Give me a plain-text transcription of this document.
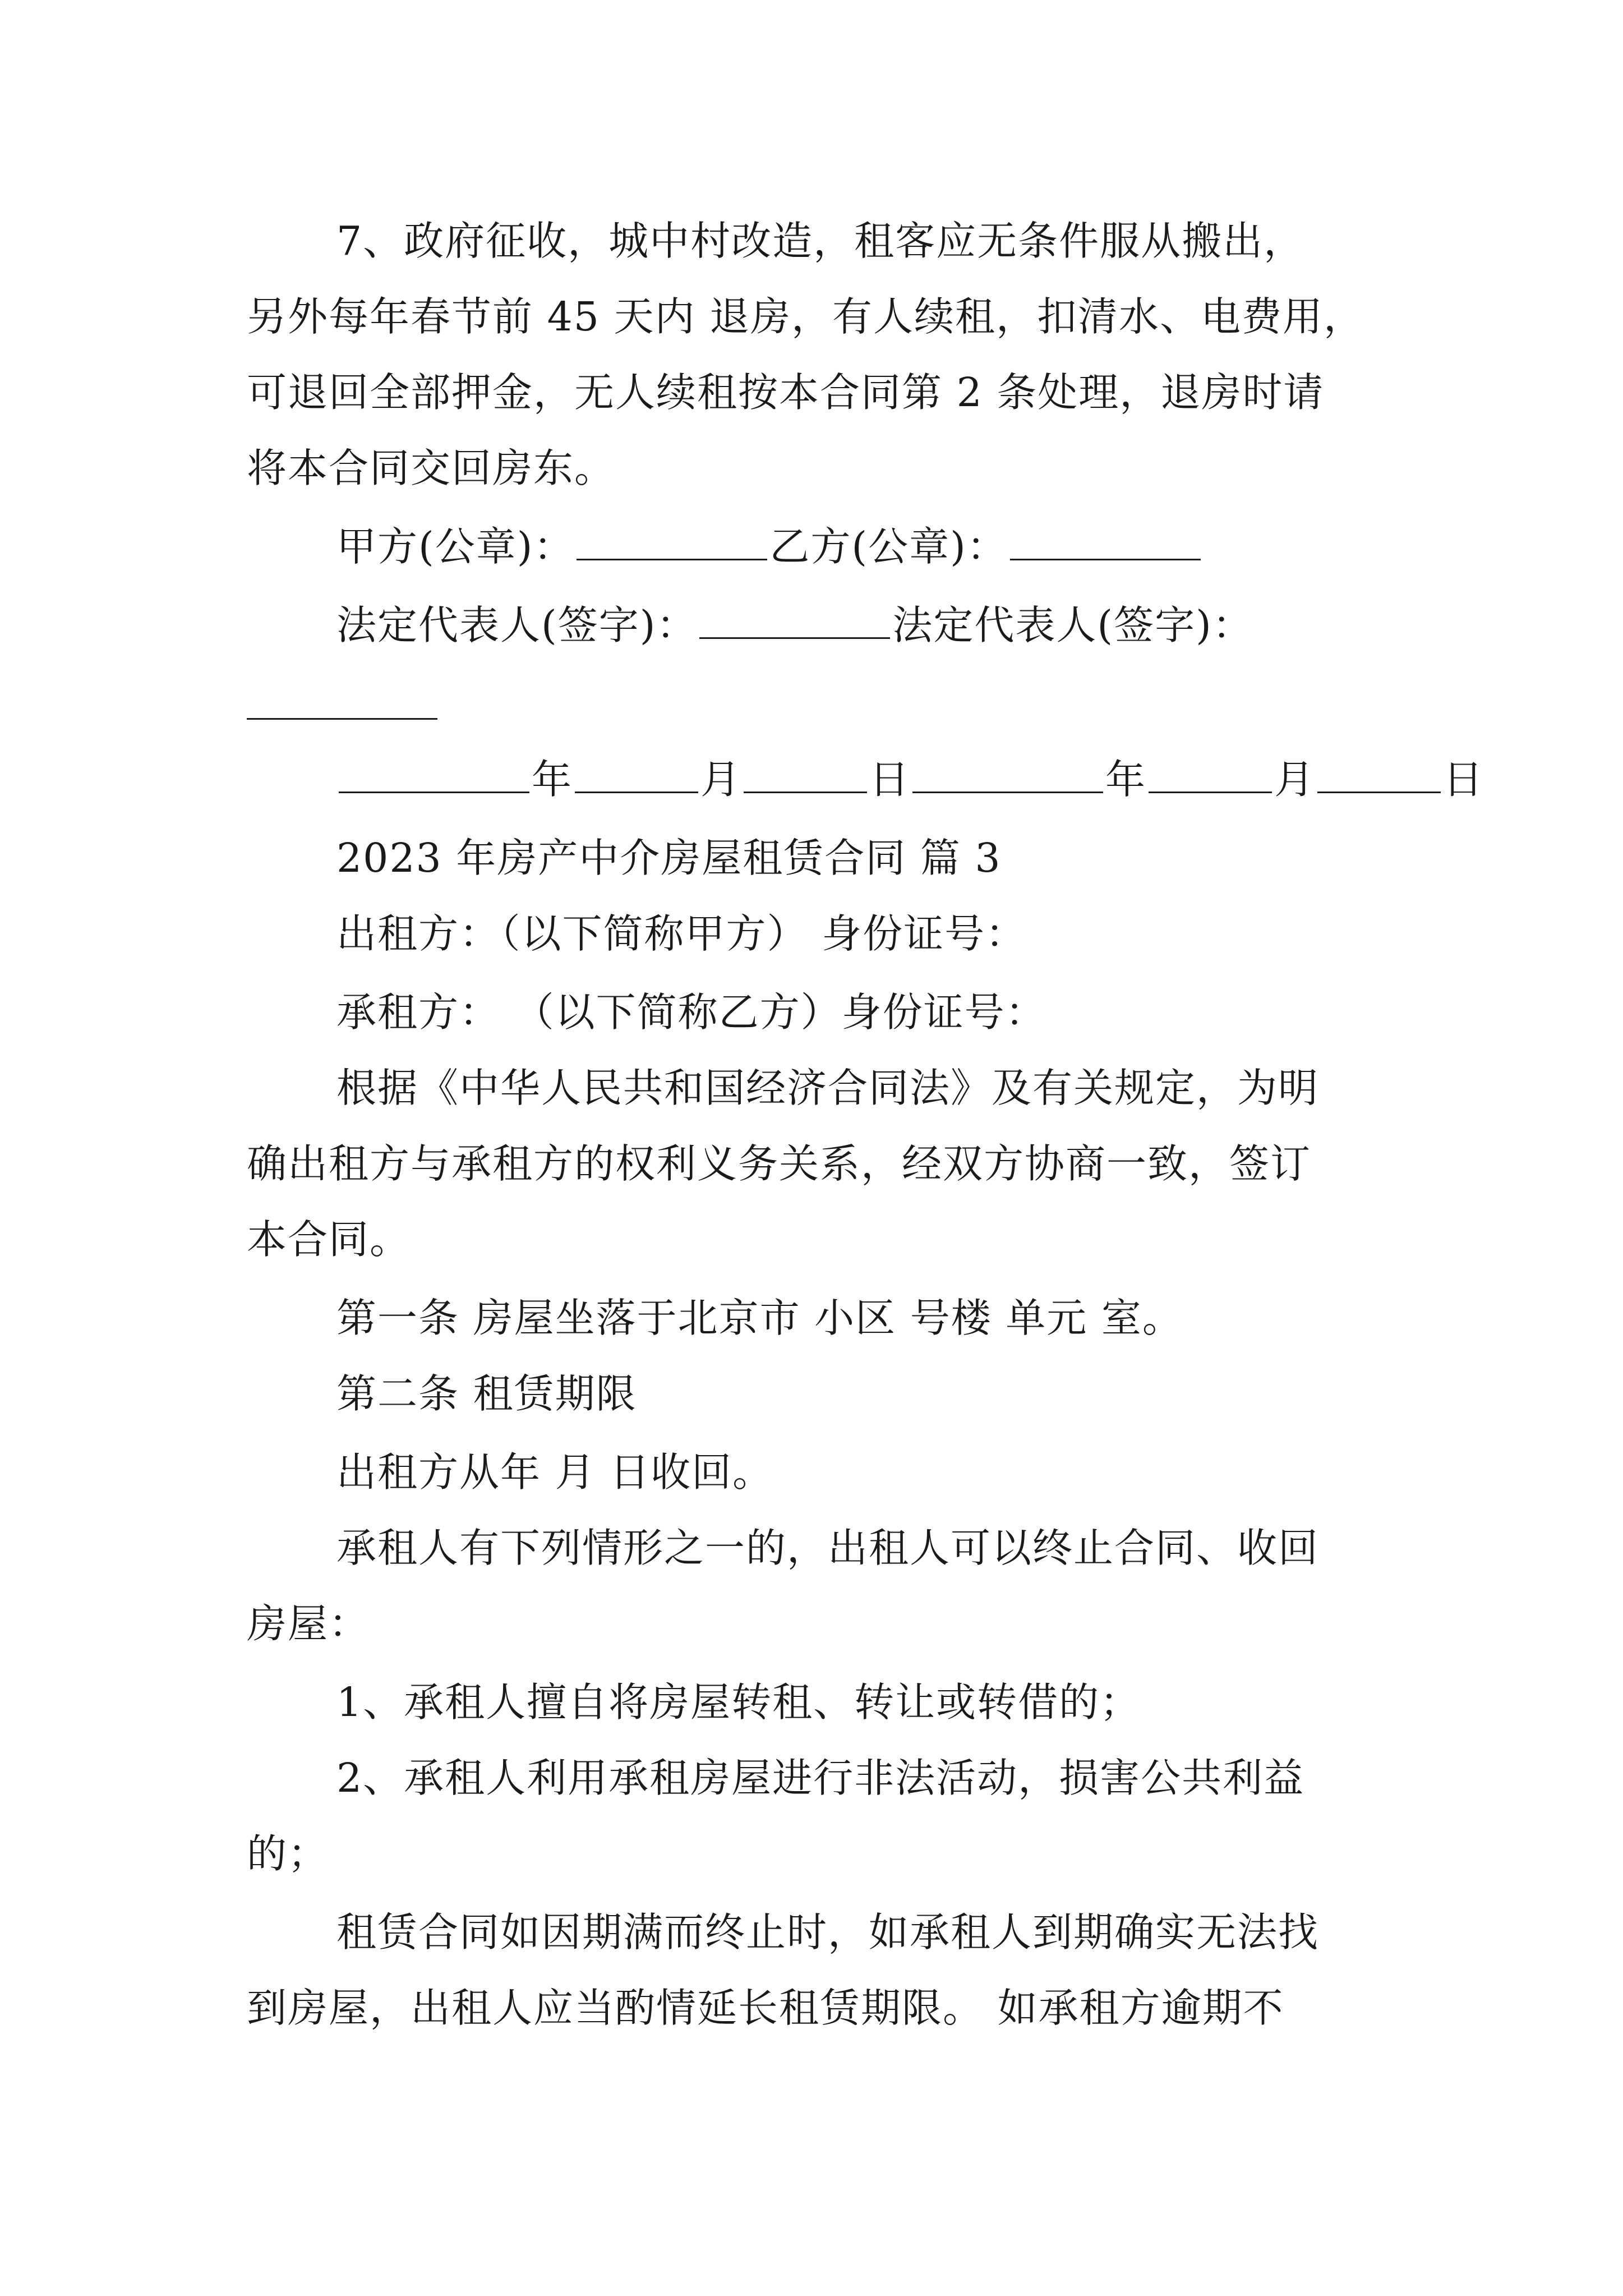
7、政府征收，城中村改造，租客应无条件服从搬出，
另外每年春节前 45 天内 退房，有人续租，扣清水、电费用，
可退回全部押金，无人续租按本合同第 2 条处理，退房时请
将本合同交回房东。
甲方(公章)：	乙方(公章)：
法定代表人(签字)：	法定代表人(签字)：
年	月	日	年	月	日
2023 年房产中介房屋租赁合同 篇 3
出租方：（以下简称甲方） 身份证号：
承租方： （以下简称乙方）身份证号：
根据《中华人民共和国经济合同法》及有关规定，为明
确出租方与承租方的权利义务关系，经双方协商一致，签订
本合同。
第一条 房屋坐落于北京市 小区 号楼 单元 室。
第二条 租赁期限
出租方从年 月 日收回。
承租人有下列情形之一的，出租人可以终止合同、收回
房屋：
1、承租人擅自将房屋转租、转让或转借的；
2、承租人利用承租房屋进行非法活动，损害公共利益
的；
租赁合同如因期满而终止时，如承租人到期确实无法找
到房屋，出租人应当酌情延长租赁期限。 如承租方逾期不
